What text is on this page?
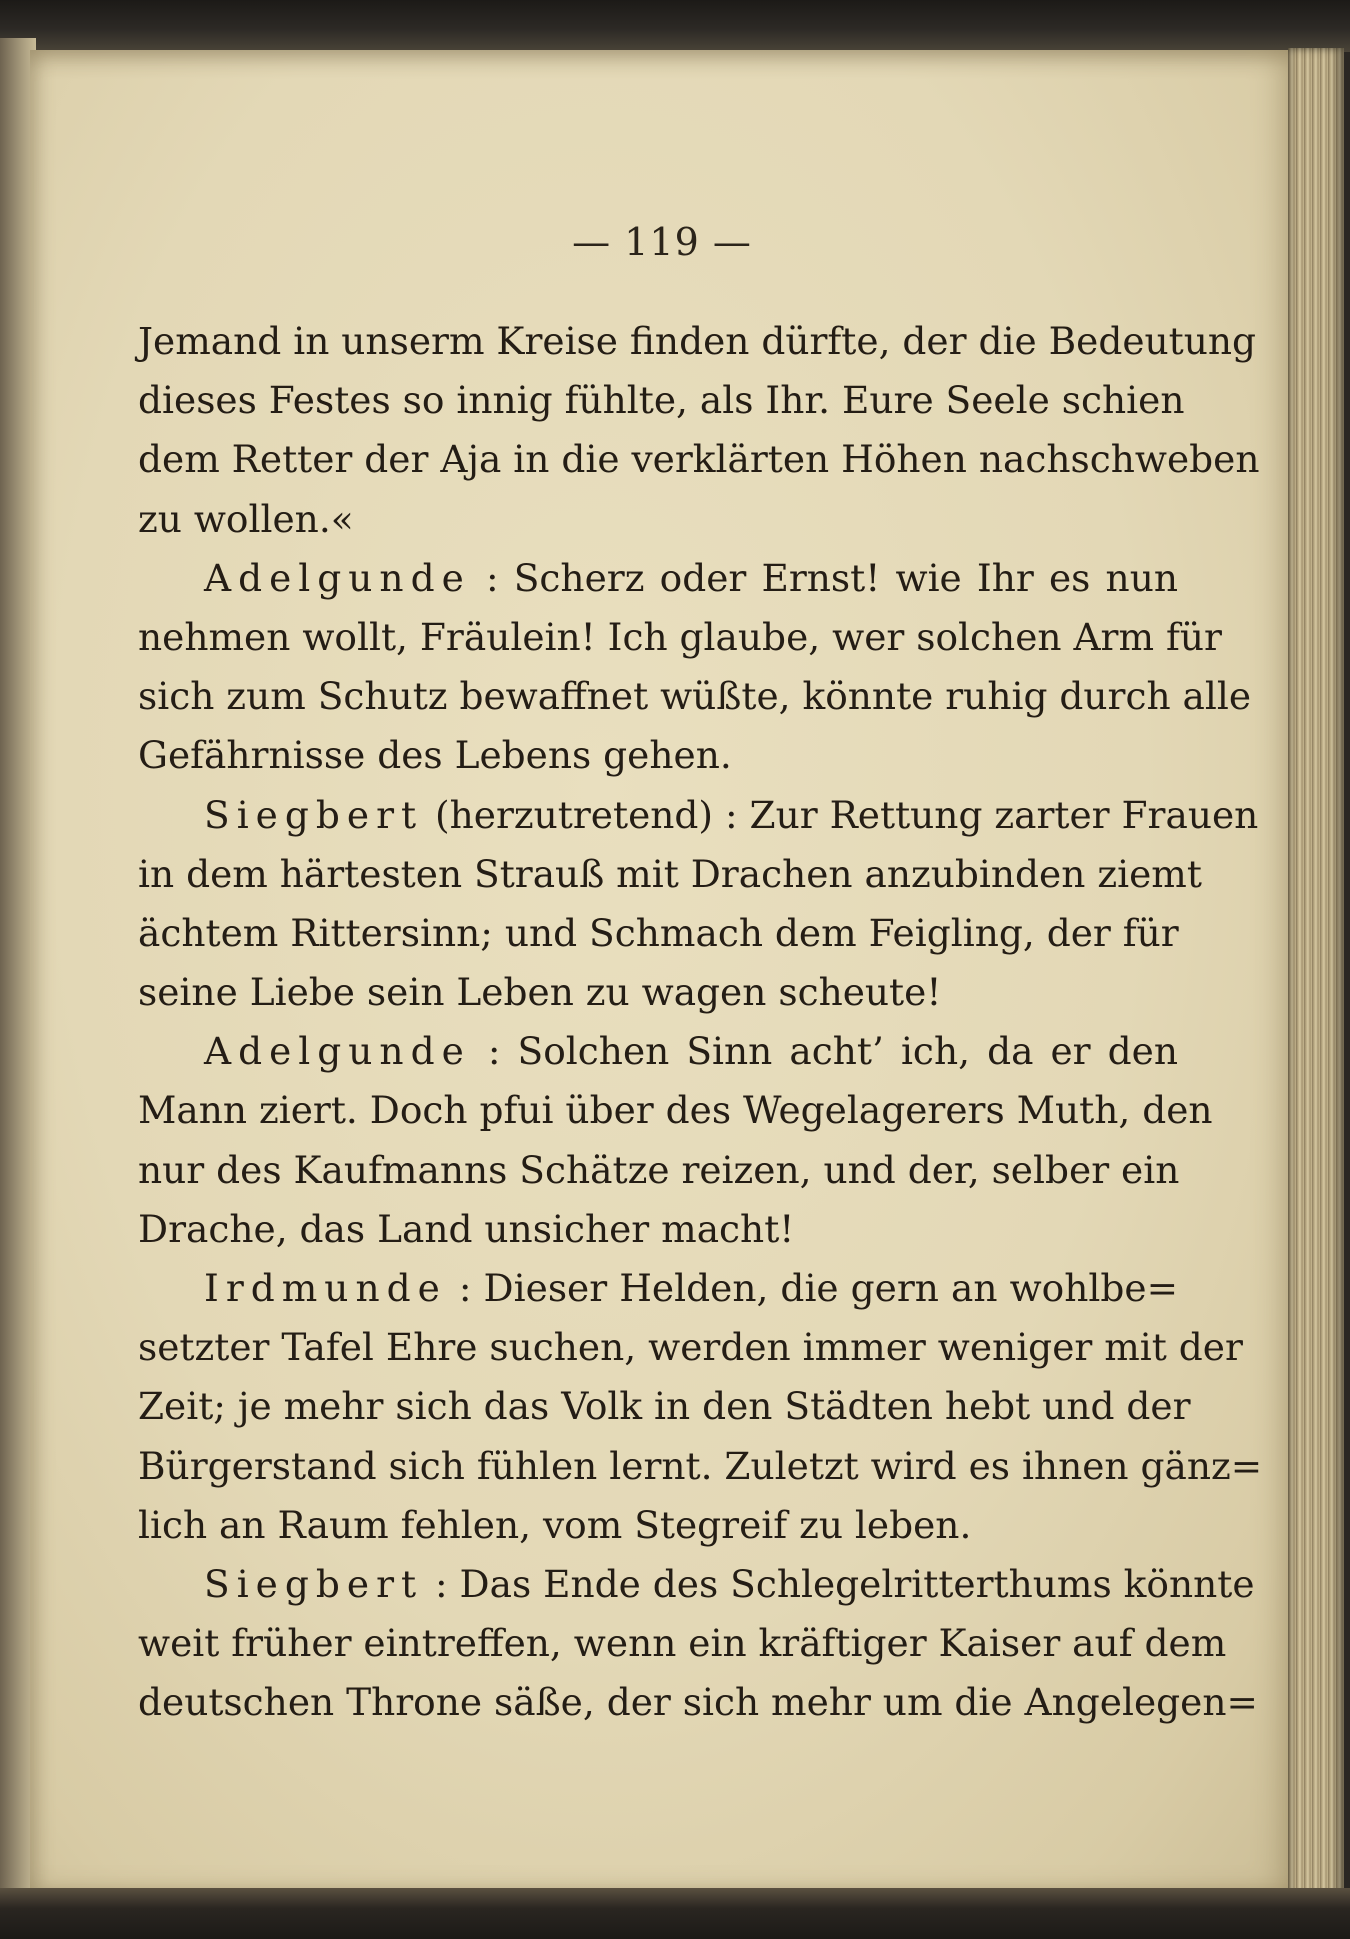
— 119 —
Jemand in unserm Kreise finden dürfte, der die Bedeutung
dieses Festes so innig fühlte, als Ihr. Eure Seele schien
dem Retter der Aja in die verklärten Höhen nachschweben
zu wollen.«
Adelgunde : Scherz oder Ernst! wie Ihr es nun
nehmen wollt, Fräulein! Ich glaube, wer solchen Arm für
sich zum Schutz bewaffnet wüßte, könnte ruhig durch alle
Gefährnisse des Lebens gehen.
Siegbert (herzutretend) : Zur Rettung zarter Frauen
in dem härtesten Strauß mit Drachen anzubinden ziemt
ächtem Rittersinn; und Schmach dem Feigling, der für
seine Liebe sein Leben zu wagen scheute!
Adelgunde : Solchen Sinn acht’ ich, da er den
Mann ziert. Doch pfui über des Wegelagerers Muth, den
nur des Kaufmanns Schätze reizen, und der, selber ein
Drache, das Land unsicher macht!
Irdmunde : Dieser Helden, die gern an wohlbe=
setzter Tafel Ehre suchen, werden immer weniger mit der
Zeit; je mehr sich das Volk in den Städten hebt und der
Bürgerstand sich fühlen lernt. Zuletzt wird es ihnen gänz=
lich an Raum fehlen, vom Stegreif zu leben.
Siegbert : Das Ende des Schlegelritterthums könnte
weit früher eintreffen, wenn ein kräftiger Kaiser auf dem
deutschen Throne säße, der sich mehr um die Angelegen=
